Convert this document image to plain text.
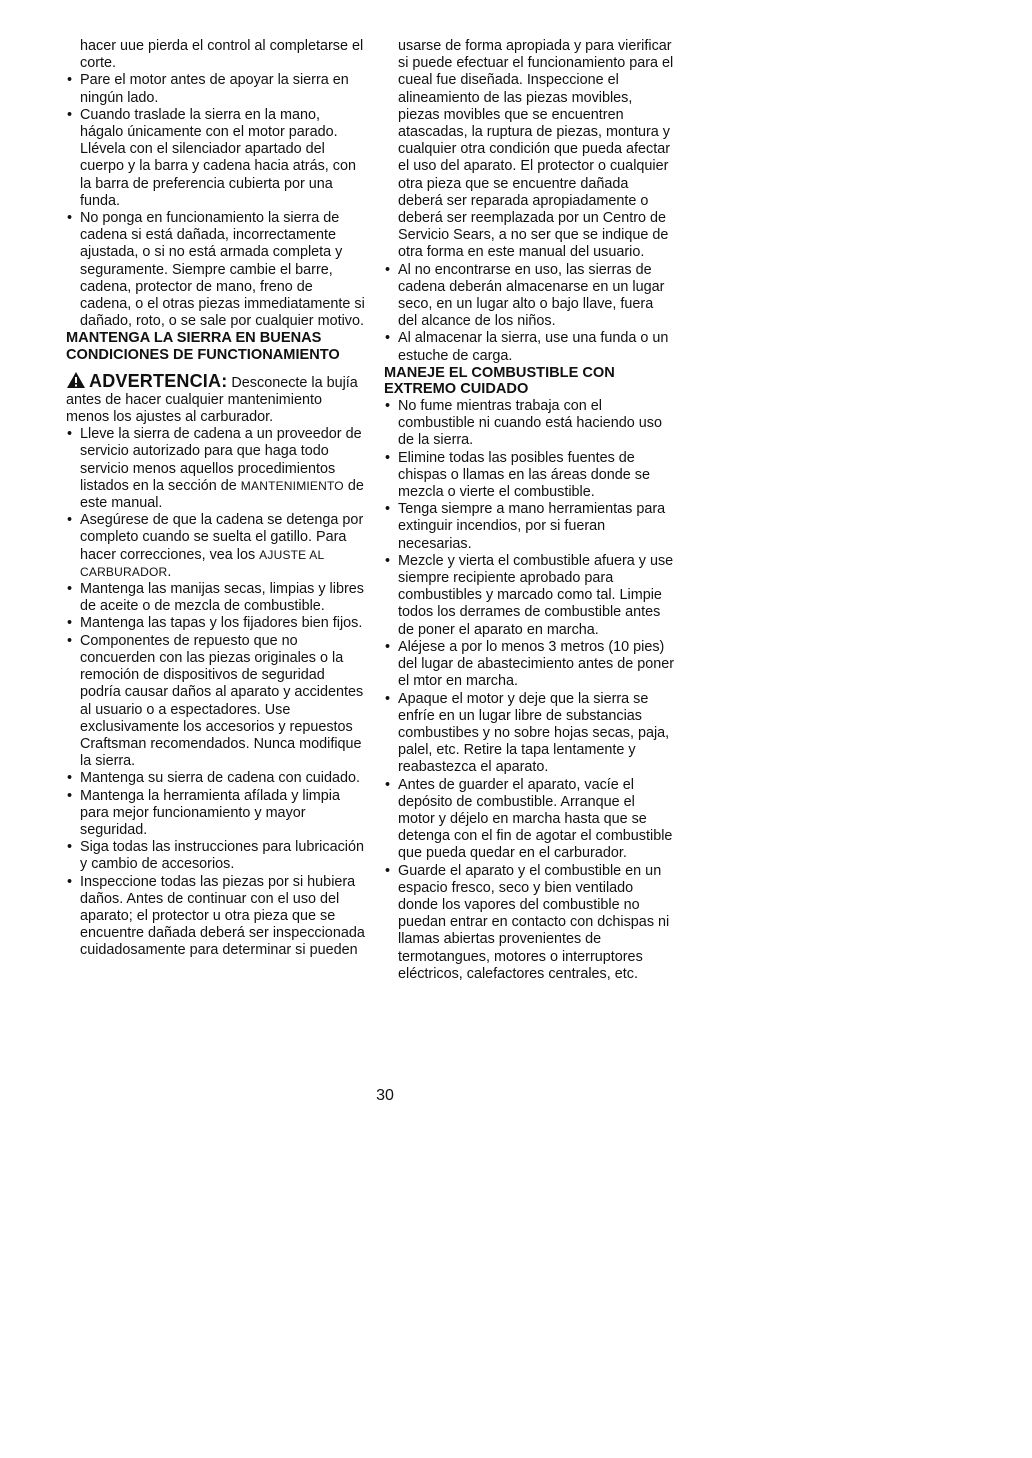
hacer uue pierda el control al completarse el corte.

• Pare el motor antes de apoyar la sierra en ningún lado.
• Cuando traslade la sierra en la mano, hágalo únicamente con el motor parado. Llévela con el silenciador apartado del cuerpo y la barra y cadena hacia atrás, con la barra de preferencia cubierta por una funda.
• No ponga en funcionamiento la sierra de cadena si está dañada, incorrectamente ajustada, o si no está armada completa y seguramente. Siempre cambie el barre, cadena, protector de mano, freno de cadena, o el otras piezas immediatamente si dañado, roto, o se sale por cualquier motivo.
MANTENGA LA SIERRA EN BUENAS CONDICIONES DE FUNCTIONAMIENTO

ADVERTENCIA: Desconecte la bujía antes de hacer cualquier mantenimiento menos los ajustes al carburador.

• Lleve la sierra de cadena a un proveedor de servicio autorizado para que haga todo servicio menos aquellos procedimientos listados en la sección de MANTENIMIENTO de este manual.
• Asegúrese de que la cadena se detenga por completo cuando se suelta el gatillo. Para hacer correcciones, vea los AJUSTE AL CARBURADOR.
• Mantenga las manijas secas, limpias y libres de aceite o de mezcla de combustible.
• Mantenga las tapas y los fijadores bien fijos.
• Componentes de repuesto que no concuerden con las piezas originales o la remoción de dispositivos de seguridad podría causar daños al aparato y accidentes al usuario o a espectadores. Use exclusivamente los accesorios y repuestos Craftsman recomendados. Nunca modifique la sierra.
• Mantenga su sierra de cadena con cuidado.
• Mantenga la herramienta afílada y limpia para mejor funcionamiento y mayor seguridad.
• Siga todas las instrucciones para lubricación y cambio de accesorios.
• Inspeccione todas las piezas por si hubiera daños. Antes de continuar con el uso del aparato; el protector u otra pieza que se encuentre dañada deberá ser inspeccionada cuidadosamente para determinar si pueden

usarse de forma apropiada y para vierificar si puede efectuar el funcionamiento para el cueal fue diseñada. Inspeccione el alineamiento de las piezas movibles, piezas movibles que se encuentren atascadas, la ruptura de piezas, montura y cualquier otra condición que pueda afectar el uso del aparato. El protector o cualquier otra pieza que se encuentre dañada deberá ser reparada apropiadamente o deberá ser reemplazada por un Centro de Servicio Sears, a no ser que se indique de otra forma en este manual del usuario.

• Al no encontrarse en uso, las sierras de cadena deberán almacenarse en un lugar seco, en un lugar alto o bajo llave, fuera del alcance de los niños.
• Al almacenar la sierra, use una funda o un estuche de carga.
MANEJE EL COMBUSTIBLE CON EXTREMO CUIDADO
• No fume mientras trabaja con el combustible ni cuando está haciendo uso de la sierra.
• Elimine todas las posibles fuentes de chispas o llamas en las áreas donde se mezcla o vierte el combustible.
• Tenga siempre a mano herramientas para extinguir incendios, por si fueran necesarias.
• Mezcle y vierta el combustible afuera y use siempre recipiente aprobado para combustibles y marcado como tal. Limpie todos los derrames de combustible antes de poner el aparato en marcha.
• Aléjese a por lo menos 3 metros (10 pies) del lugar de abastecimiento antes de poner el mtor en marcha.
• Apaque el motor y deje que la sierra se enfríe en un lugar libre de substancias combustibes y no sobre hojas secas, paja, palel, etc. Retire la tapa lentamente y reabastezca el aparato.
• Antes de guarder el aparato, vacíe el depósito de combustible. Arranque el motor y déjelo en marcha hasta que se detenga con el fin de agotar el combustible que pueda quedar en el carburador.
• Guarde el aparato y el combustible en un espacio fresco, seco y bien ventilado donde los vapores del combustible no puedan entrar en contacto con dchispas ni llamas abiertas provenientes de termotangues, motores o interruptores eléctricos, calefactores centrales, etc.
30
